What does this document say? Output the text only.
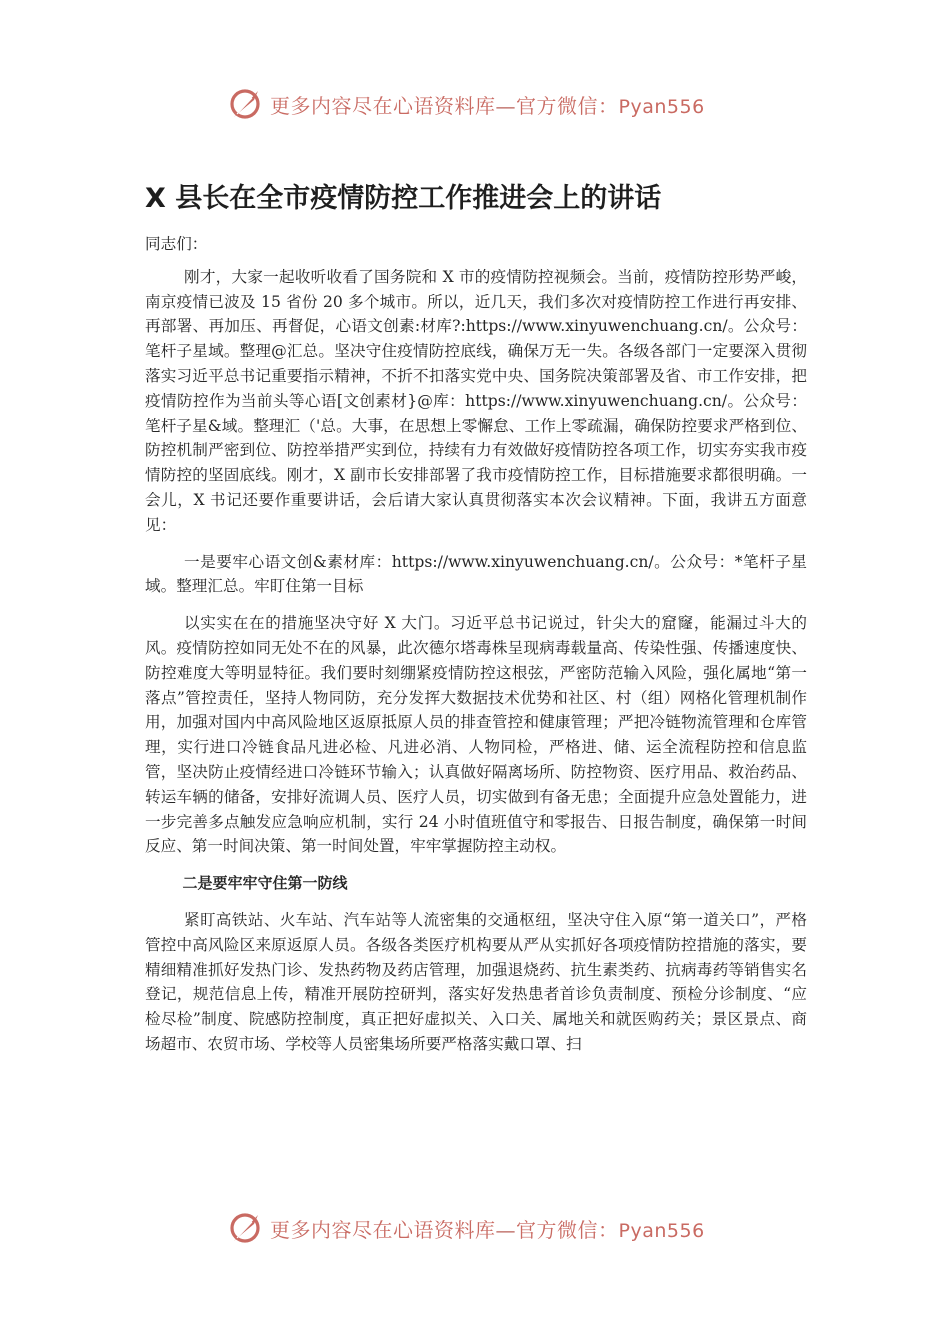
更多内容尽在心语资料库—官方微信：Pyan556
X 县长在全市疫情防控工作推进会上的讲话

同志们：

刚才，大家一起收听收看了国务院和 X 市的疫情防控视频会。当前，疫情防控形势严峻，南京疫情已波及 15 省份 20 多个城市。所以，近几天，我们多次对疫情防控工作进行再安排、再部署、再加压、再督促，心语文创素:材库?:https://www.xinyuwenchuang.cn/。公众号：笔杆子星域。整理@汇总。坚决守住疫情防控底线，确保万无一失。各级各部门一定要深入贯彻落实习近平总书记重要指示精神，不折不扣落实党中央、国务院决策部署及省、市工作安排，把疫情防控作为当前头等心语[文创素材}@库：https://www.xinyuwenchuang.cn/。公众号：笔杆子星&域。整理汇（'总。大事，在思想上零懈怠、工作上零疏漏，确保防控要求严格到位、防控机制严密到位、防控举措严实到位，持续有力有效做好疫情防控各项工作，切实夯实我市疫情防控的坚固底线。刚才，X 副市长安排部署了我市疫情防控工作，目标措施要求都很明确。一会儿，X 书记还要作重要讲话，会后请大家认真贯彻落实本次会议精神。下面，我讲五方面意见：

一是要牢心语文创&素材库：https://www.xinyuwenchuang.cn/。公众号：*笔杆子星域。整理汇总。牢盯住第一目标

以实实在在的措施坚决守好 X 大门。习近平总书记说过，针尖大的窟窿，能漏过斗大的风。疫情防控如同无处不在的风暴，此次德尔塔毒株呈现病毒载量高、传染性强、传播速度快、防控难度大等明显特征。我们要时刻绷紧疫情防控这根弦，严密防范输入风险，强化属地“第一落点”管控责任，坚持人物同防，充分发挥大数据技术优势和社区、村（组）网格化管理机制作用，加强对国内中高风险地区返原抵原人员的排查管控和健康管理；严把冷链物流管理和仓库管理，实行进口冷链食品凡进必检、凡进必消、人物同检，严格进、储、运全流程防控和信息监管，坚决防止疫情经进口冷链环节输入；认真做好隔离场所、防控物资、医疗用品、救治药品、转运车辆的储备，安排好流调人员、医疗人员，切实做到有备无患；全面提升应急处置能力，进一步完善多点触发应急响应机制，实行 24 小时值班值守和零报告、日报告制度，确保第一时间反应、第一时间决策、第一时间处置，牢牢掌握防控主动权。

二是要牢牢守住第一防线

紧盯高铁站、火车站、汽车站等人流密集的交通枢纽，坚决守住入原“第一道关口”，严格管控中高风险区来原返原人员。各级各类医疗机构要从严从实抓好各项疫情防控措施的落实，要精细精准抓好发热门诊、发热药物及药店管理，加强退烧药、抗生素类药、抗病毒药等销售实名登记，规范信息上传，精准开展防控研判，落实好发热患者首诊负责制度、预检分诊制度、“应检尽检”制度、院感防控制度，真正把好虚拟关、入口关、属地关和就医购药关；景区景点、商场超市、农贸市场、学校等人员密集场所要严格落实戴口罩、扫

更多内容尽在心语资料库—官方微信：Pyan556
